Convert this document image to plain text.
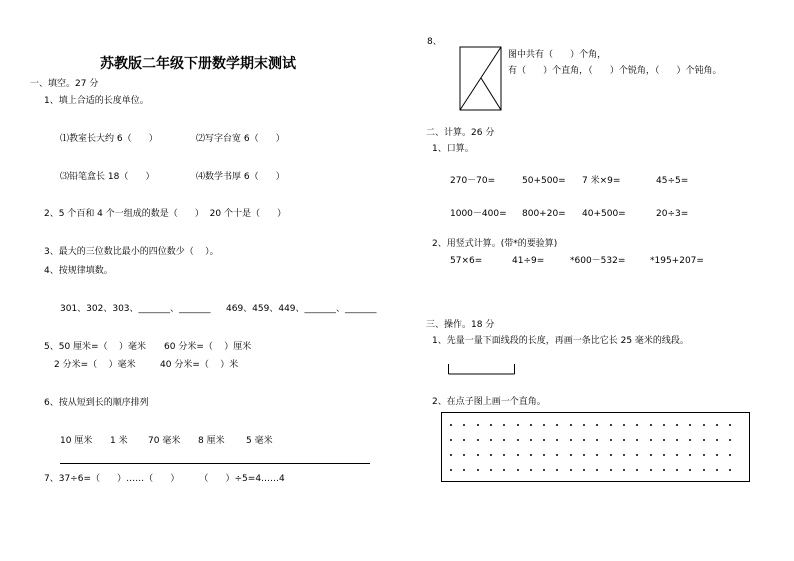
苏教版二年级下册数学期末测试
一、填空。27 分
1、填上合适的长度单位。
⑴教室长大约 6（      ）	⑵写字台宽 6（      ）
⑶铅笔盒长 18（      ）	⑷数学书厚 6（      ）
2、5 个百和 4 个一组成的数是（      ）  20 个十是（      ）
3、最大的三位数比最小的四位数少（    ）。
4、按规律填数。
301、302、303、_______、_______ 469、459、449、_______、_______
5、50 厘米=（    ）毫米 60 分米=（    ）厘米
2 分米=（    ）毫米	40 分米=（    ）米
6、按从短到长的顺序排列
10 厘米 1 米 70 毫米 8 厘米 5 毫米
7、37÷6=（      ）……（      ）       （      ）÷5=4……4
8、
图中共有（      ）个角，
有（      ）个直角，（      ）个锐角，（      ）个钝角。
二、计算。26 分
1、口算。
270－70=	50+500= 7 米×9=	45÷5=
1000－400= 800+20= 40+500=	20÷3=
2、用竖式计算。(带*的要验算)
57×6=	41÷9=	*600－532=	*195+207=
三、操作。18 分
1、先量一量下面线段的长度，再画一条比它长 25 毫米的线段。
2、在点子图上画一个直角。
